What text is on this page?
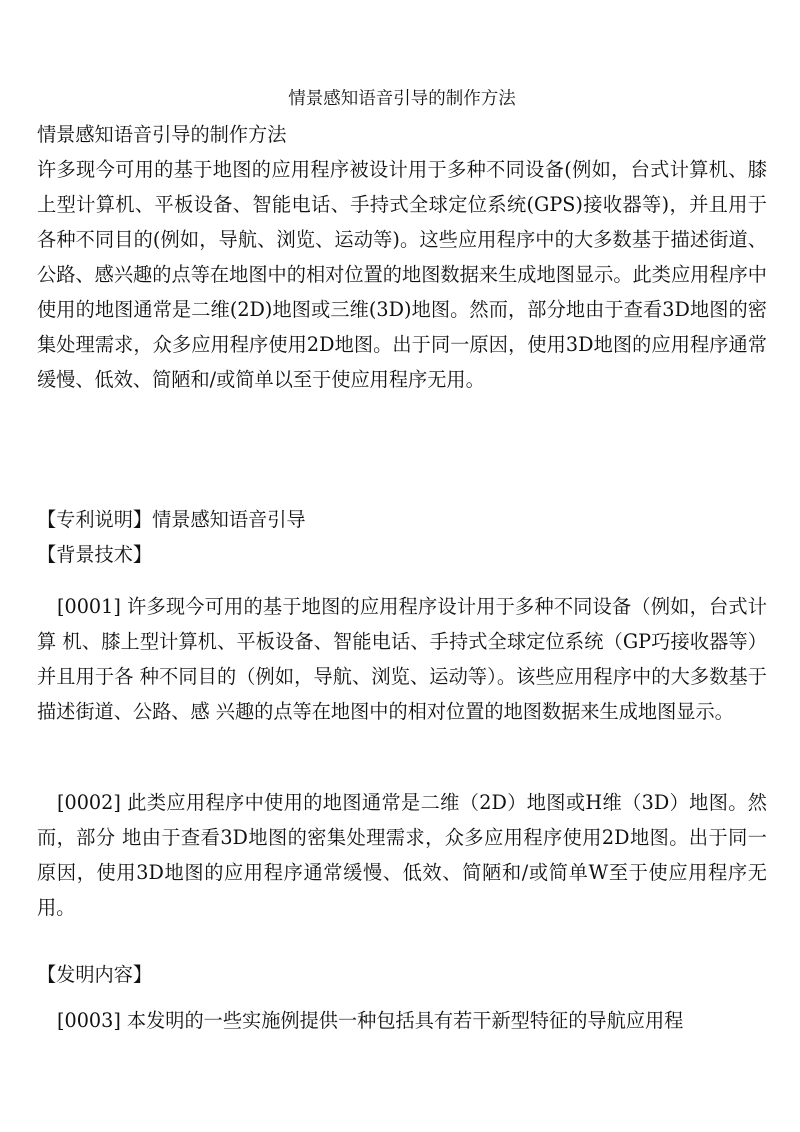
情景感知语音引导的制作方法
情景感知语音引导的制作方法
许多现今可用的基于地图的应用程序被设计用于多种不同设备(例如，台式计算机、膝上型计算机、平板设备、智能电话、手持式全球定位系统(GPS)接收器等)，并且用于各种不同目的(例如，导航、浏览、运动等)。这些应用程序中的大多数基于描述街道、公路、感兴趣的点等在地图中的相对位置的地图数据来生成地图显示。此类应用程序中使用的地图通常是二维(2D)地图或三维(3D)地图。然而，部分地由于查看3D地图的密集处理需求，众多应用程序使用2D地图。出于同一原因，使用3D地图的应用程序通常缓慢、低效、简陋和/或简单以至于使应用程序无用。
【专利说明】情景感知语音引导
【背景技术】
[0001] 许多现今可用的基于地图的应用程序设计用于多种不同设备（例如，台式计算 机、膝上型计算机、平板设备、智能电话、手持式全球定位系统（GP巧接收器等）并且用于各 种不同目的（例如，导航、浏览、运动等）。该些应用程序中的大多数基于描述街道、公路、感 兴趣的点等在地图中的相对位置的地图数据来生成地图显示。
[0002] 此类应用程序中使用的地图通常是二维（2D）地图或H维（3D）地图。然而，部分 地由于查看3D地图的密集处理需求，众多应用程序使用2D地图。出于同一原因，使用3D地图的应用程序通常缓慢、低效、简陋和/或简单W至于使应用程序无用。
【发明内容】
[0003] 本发明的一些实施例提供一种包括具有若干新型特征的导航应用程
